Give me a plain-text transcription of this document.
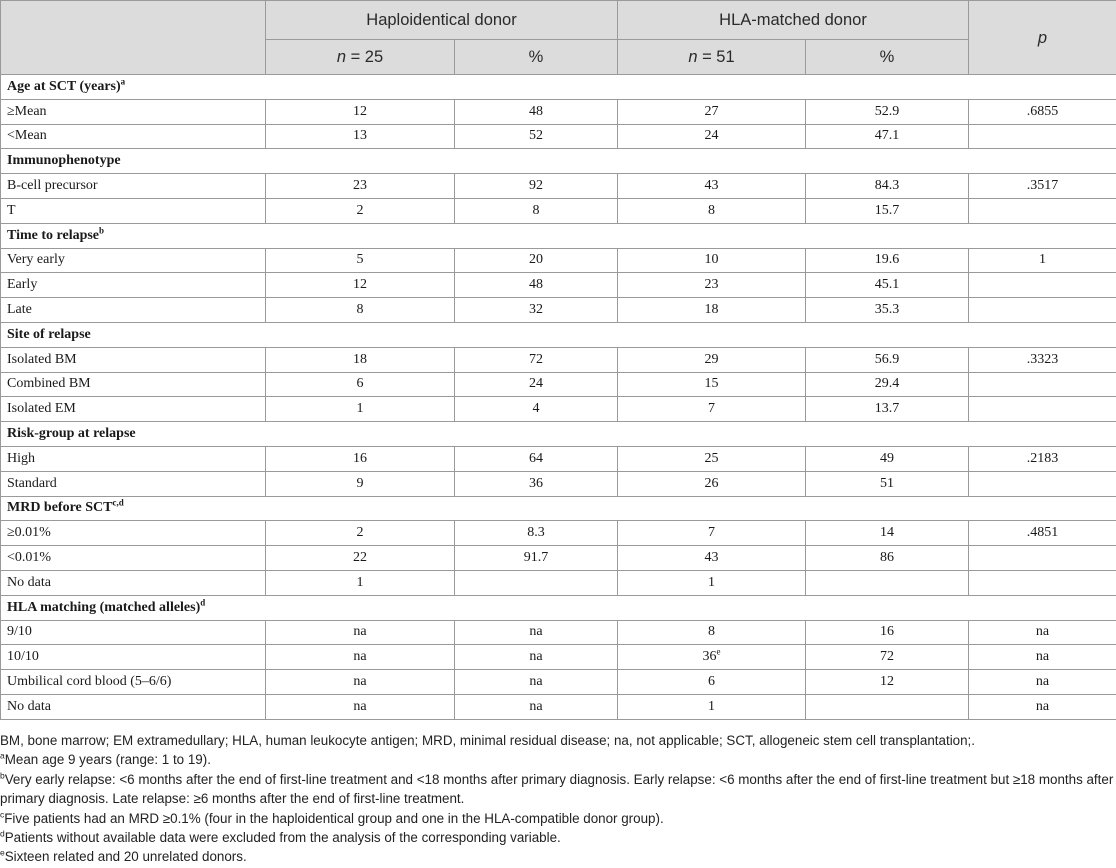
	Haploidentical donor		HLA-matched donor		p
	n = 25	%	n = 51	%	
Age at SCT (years)$^a$
≥Mean	12	48	27	52.9	.6855
<Mean	13	52	24	47.1	
Immunophenotype					
B-cell precursor	23	92	43	84.3	.3517
T	2	8	8	15.7	
Time to relapse$^b$
Very early	5	20	10	19.6	1
Early	12	48	23	45.1	
Late	8	32	18	35.3	
Site of relapse					
Isolated BM	18	72	29	56.9	.3323
Combined BM	6	24	15	29.4	
Isolated EM	1	4	7	13.7	
Risk-group at relapse					
High	16	64	25	49	.2183
Standard	9	36	26	51	
MRD before SCT$^{c,d}$
≥0.01%	2	8.3	7	14	.4851
<0.01%	22	91.7	43	86	
No data	1		1		
HLA matching (matched alleles)$^d$
9/10	na	na	8	16	na
10/10	na	na	36e	72	na
Umbilical cord blood (5–6/6)	na	na	6	12	na
No data	na	na	1		na

BM, bone marrow; EM extramedullary; HLA, human leukocyte antigen; MRD, minimal residual disease; na, not applicable; SCT, allogeneic stem cell transplantation;.

$^a$Mean age 9 years (range: 1 to 19).

$^b$Very early relapse: <6 months after the end of first-line treatment and <18 months after primary diagnosis. Early relapse: <6 months after the end of first-line treatment but ≥18 months after primary diagnosis. Late relapse: ≥6 months after the end of first-line treatment.

$^c$Five patients had an MRD ≥0.1% (four in the haploidentical group and one in the HLA-compatible donor group).

$^d$Patients without available data were excluded from the analysis of the corresponding variable.

$^e$Sixteen related and 20 unrelated donors.
